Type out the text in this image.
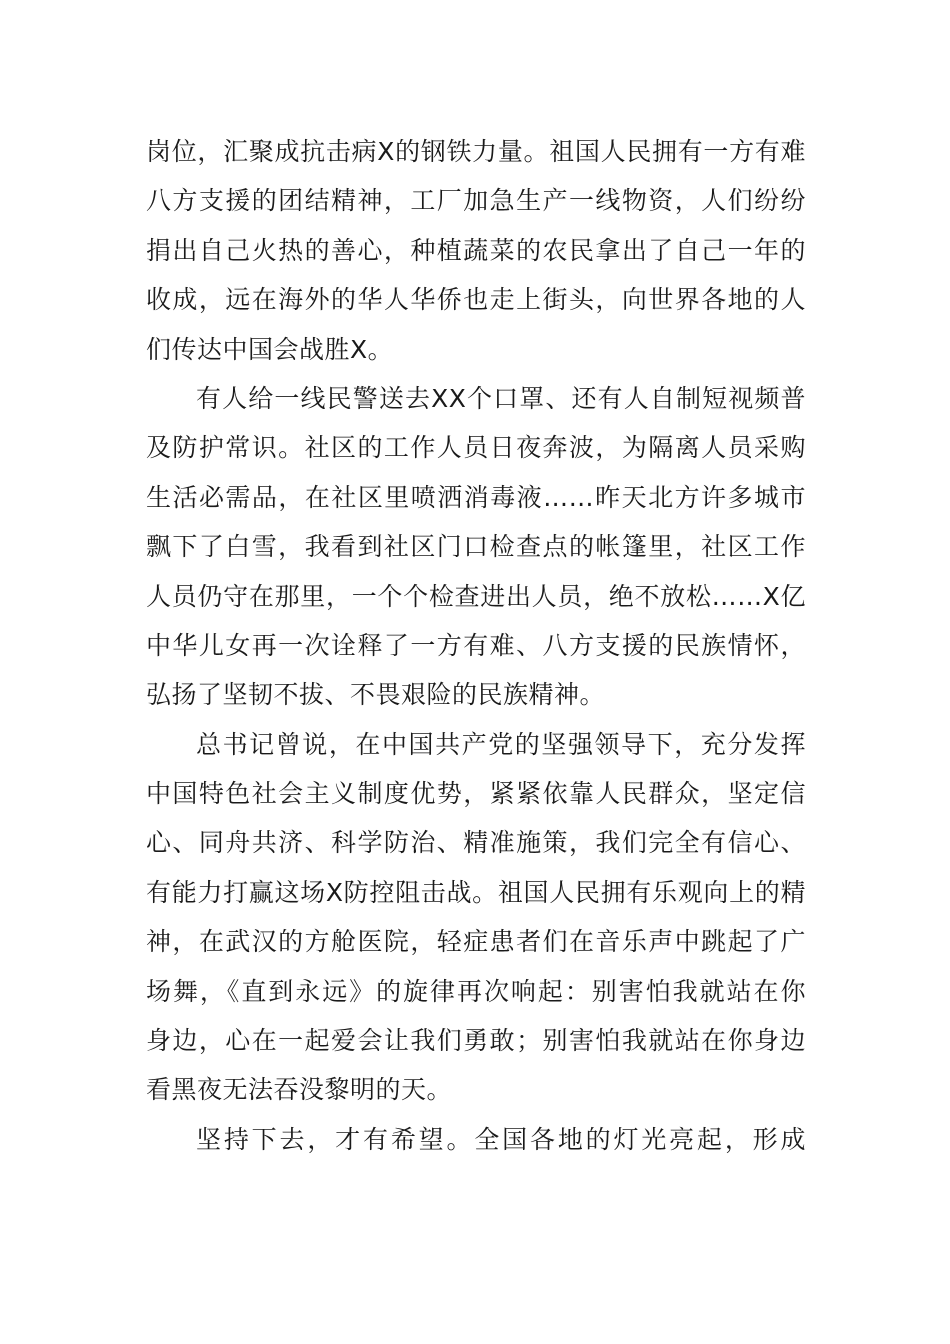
岗位，汇聚成抗击病X的钢铁力量。祖国人民拥有一方有难
八方支援的团结精神，工厂加急生产一线物资，人们纷纷
捐出自己火热的善心，种植蔬菜的农民拿出了自己一年的
收成，远在海外的华人华侨也走上街头，向世界各地的人
们传达中国会战胜X。
有人给一线民警送去XX个口罩、还有人自制短视频普
及防护常识。社区的工作人员日夜奔波，为隔离人员采购
生活必需品，在社区里喷洒消毒液……昨天北方许多城市
飘下了白雪，我看到社区门口检查点的帐篷里，社区工作
人员仍守在那里，一个个检查进出人员，绝不放松……X亿
中华儿女再一次诠释了一方有难、八方支援的民族情怀，
弘扬了坚韧不拔、不畏艰险的民族精神。
总书记曾说，在中国共产党的坚强领导下，充分发挥
中国特色社会主义制度优势，紧紧依靠人民群众，坚定信
心、同舟共济、科学防治、精准施策，我们完全有信心、
有能力打赢这场X防控阻击战。祖国人民拥有乐观向上的精
神，在武汉的方舱医院，轻症患者们在音乐声中跳起了广
场舞，《直到永远》的旋律再次响起：别害怕我就站在你
身边，心在一起爱会让我们勇敢；别害怕我就站在你身边
看黑夜无法吞没黎明的天。
坚持下去，才有希望。全国各地的灯光亮起，形成
